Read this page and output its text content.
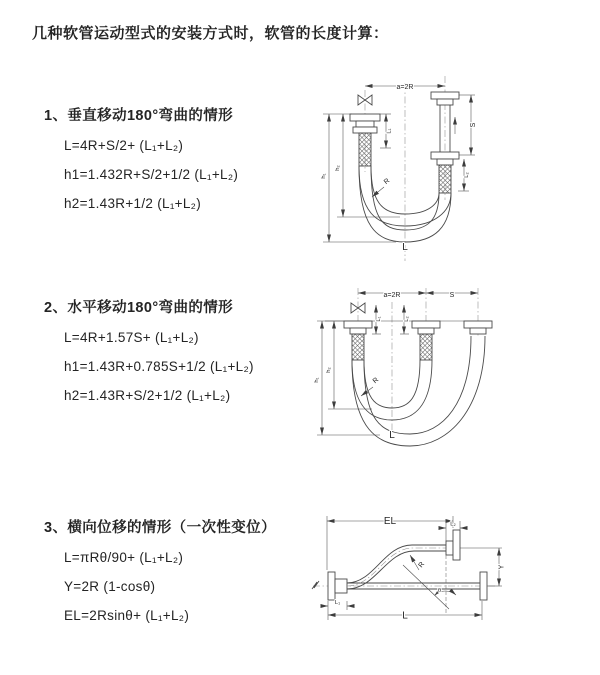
几种软管运动型式的安装方式时，软管的长度计算：
1、垂直移动180°弯曲的情形
L=4R+S/2+ (L₁+L₂)
h1=1.432R+S/2+1/2 (L₁+L₂)
h2=1.43R+1/2 (L₁+L₂)
a=2R
L₁
S
L₂
R
h₁
h₂
L
2、水平移动180°弯曲的情形
L=4R+1.57S+ (L₁+L₂)
h1=1.43R+0.785S+1/2 (L₁+L₂)
h2=1.43R+S/2+1/2 (L₁+L₂)
a=2R	S
L₁	L₂
h₁
h₂
R
L
3、横向位移的情形（一次性变位）
L=πRθ/90+ (L₁+L₂)
Y=2R (1-cosθ)
EL=2Rsinθ+ (L₁+L₂)
EL	L₂
Y
θ
R
L
L₁
